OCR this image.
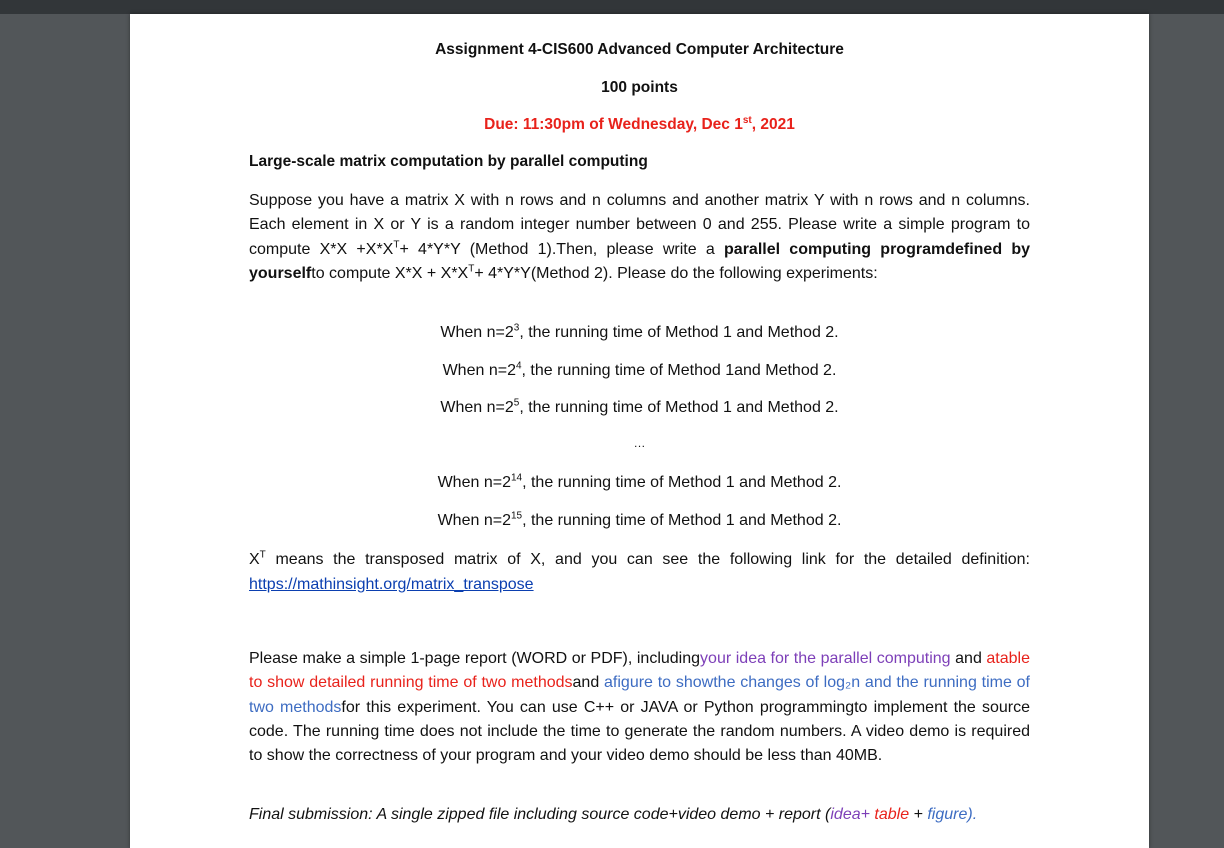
Assignment 4-CIS600 Advanced Computer Architecture
100 points
Due: 11:30pm of Wednesday, Dec 1st, 2021
Large-scale matrix computation by parallel computing
Suppose you have a matrix X with n rows and n columns and another matrix Y with n rows and n columns. Each element in X or Y is a random integer number between 0 and 255. Please write a simple program to compute $X*X +X*X^T+ 4*Y*Y$ (Method 1).Then, please write a parallel computing programdefined by yourselfto compute $X*X + X*X^T+$ 4*Y*Y(Method 2). Please do the following experiments:
When $n=2^3$, the running time of Method 1 and Method 2.
When $n=2^4$, the running time of Method 1and Method 2.
When $n=2^5$, the running time of Method 1 and Method 2.
…
When $n=2^{14}$, the running time of Method 1 and Method 2.
When $n=2^{15}$, the running time of Method 1 and Method 2.
$X^T$ means the transposed matrix of X, and you can see the following link for the detailed definition: https://mathinsight.org/matrix_transpose
Please make a simple 1-page report (WORD or PDF), includingyour idea for the parallel computing and atable to show detailed running time of two methodsand afigure to showthe changes of log₂n and the running time of two methodsfor this experiment. You can use C++ or JAVA or Python programmingto implement the source code. The running time does not include the time to generate the random numbers. A video demo is required to show the correctness of your program and your video demo should be less than 40MB.
Final submission: A single zipped file including source code+video demo + report (idea+ table + figure).
